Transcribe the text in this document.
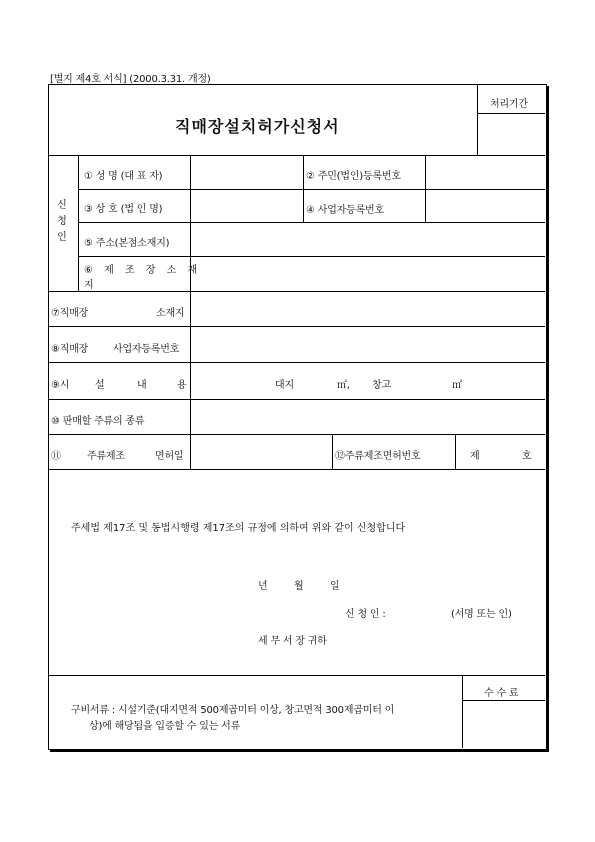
[별지 제4호 서식] (2000.3.31. 개정)
직매장설치허가신청서
처리기간
신
청
인
① 성 명 (대 표 자)	② 주민(법인)등록번호
③ 상 호 (법 인 명)	④ 사업자등록번호
⑤ 주소(본점소재지)
⑥ 제 조 장 소 재
지
⑦직매장	소재지
⑧직매장 사업자등록번호
⑨시	설	내	용	대지	㎡, 창고	㎡
⑩ 판매할 주류의 종류
⑪	주류제조	면허일	⑫주류제조면허번호	제	호
주세법 제17조 및 동법시행령 제17조의 규정에 의하여 위와 같이 신청합니다
년	월	일
신 청 인 :	(서명 또는 인)
세 무 서 장 귀하
수 수 료
구비서류 : 시설기준(대지면적 500제곱미터 이상, 창고면적 300제곱미터 이
상)에 해당됨을 입증할 수 있는 서류
